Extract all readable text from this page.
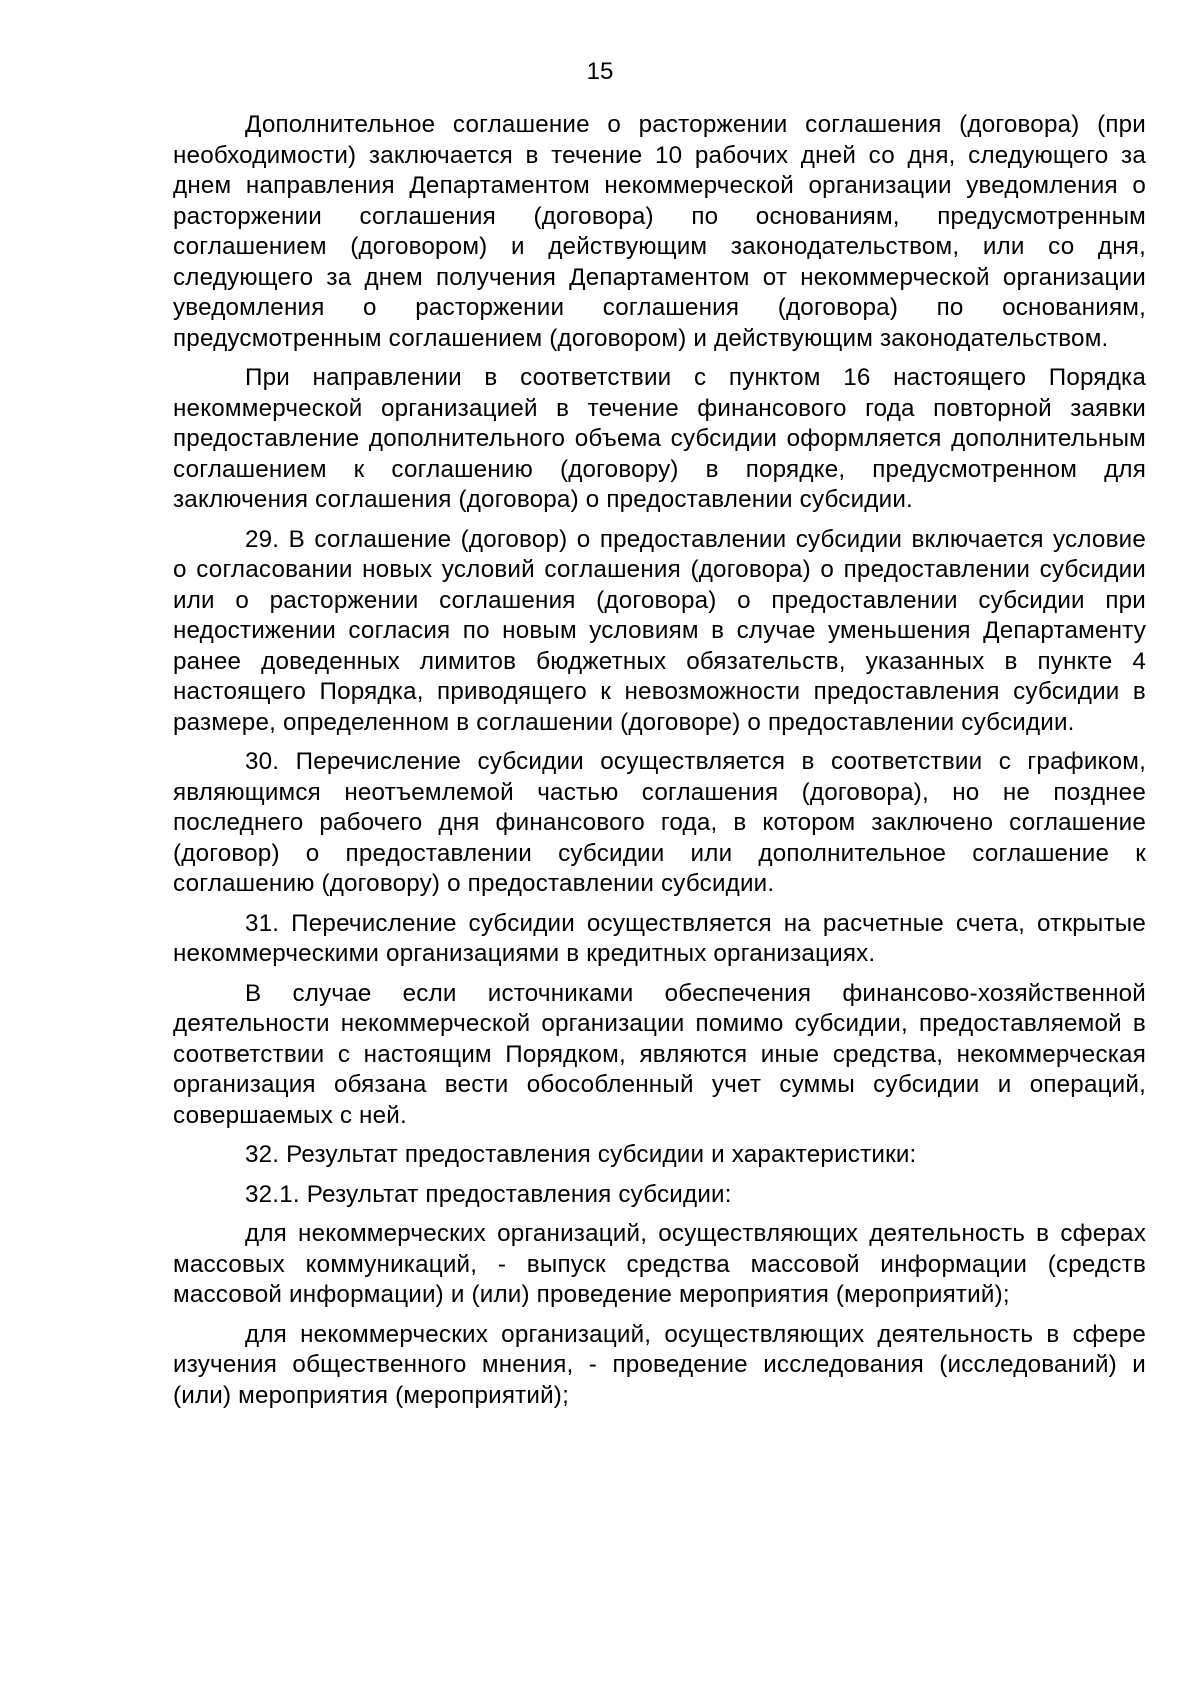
15

Дополнительное соглашение о расторжении соглашения (договора) (при необходимости) заключается в течение 10 рабочих дней со дня, следующего за днем направления Департаментом некоммерческой организации уведомления о расторжении соглашения (договора) по основаниям, предусмотренным соглашением (договором) и действующим законодательством, или со дня, следующего за днем получения Департаментом от некоммерческой организации уведомления о расторжении соглашения (договора) по основаниям, предусмотренным соглашением (договором) и действующим законодательством.

При направлении в соответствии с пунктом 16 настоящего Порядка некоммерческой организацией в течение финансового года повторной заявки предоставление дополнительного объема субсидии оформляется дополнительным соглашением к соглашению (договору) в порядке, предусмотренном для заключения соглашения (договора) о предоставлении субсидии.

29. В соглашение (договор) о предоставлении субсидии включается условие о согласовании новых условий соглашения (договора) о предоставлении субсидии или о расторжении соглашения (договора) о предоставлении субсидии при недостижении согласия по новым условиям в случае уменьшения Департаменту ранее доведенных лимитов бюджетных обязательств, указанных в пункте 4 настоящего Порядка, приводящего к невозможности предоставления субсидии в размере, определенном в соглашении (договоре) о предоставлении субсидии.

30. Перечисление субсидии осуществляется в соответствии с графиком, являющимся неотъемлемой частью соглашения (договора), но не позднее последнего рабочего дня финансового года, в котором заключено соглашение (договор) о предоставлении субсидии или дополнительное соглашение к соглашению (договору) о предоставлении субсидии.

31. Перечисление субсидии осуществляется на расчетные счета, открытые некоммерческими организациями в кредитных организациях.

В случае если источниками обеспечения финансово-хозяйственной деятельности некоммерческой организации помимо субсидии, предоставляемой в соответствии с настоящим Порядком, являются иные средства, некоммерческая организация обязана вести обособленный учет суммы субсидии и операций, совершаемых с ней.

32. Результат предоставления субсидии и характеристики:

32.1. Результат предоставления субсидии:

для некоммерческих организаций, осуществляющих деятельность в сферах массовых коммуникаций, - выпуск средства массовой информации (средств массовой информации) и (или) проведение мероприятия (мероприятий);

для некоммерческих организаций, осуществляющих деятельность в сфере изучения общественного мнения, - проведение исследования (исследований) и (или) мероприятия (мероприятий);
